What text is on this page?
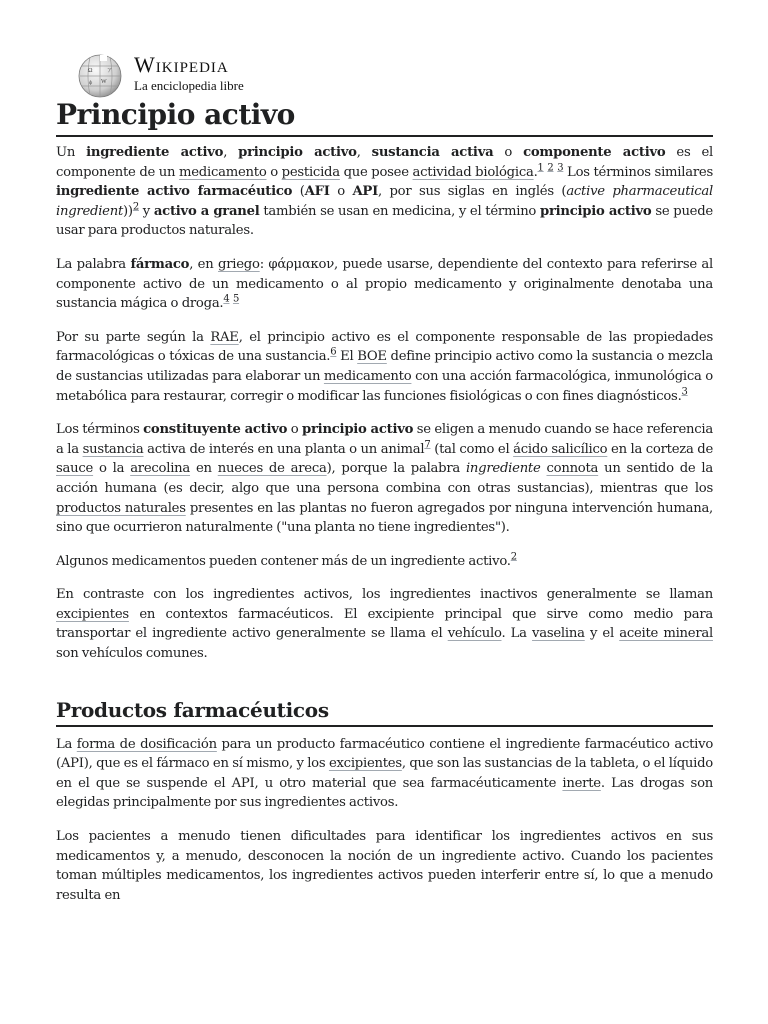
Ω
W
ф
ア Wikipedia
La enciclopedia libre
Principio activo

Un ingrediente activo, principio activo, sustancia activa o componente activo es el componente de un medicamento o pesticida que posee actividad biológica.$^1$ $^2$ $^3$ Los términos similares ingrediente activo farmacéutico (AFI o API, por sus siglas en inglés (active pharmaceutical ingredient))$^2$ y activo a granel también se usan en medicina, y el término principio activo se puede usar para productos naturales.

La palabra fármaco, en griego: φάρμακον, puede usarse, dependiente del contexto para referirse al componente activo de un medicamento o al propio medicamento y originalmente denotaba una sustancia mágica o droga.$^4$ $^5$

Por su parte según la RAE, el principio activo es el componente responsable de las propiedades farmacológicas o tóxicas de una sustancia.$^6$ El BOE define principio activo como la sustancia o mezcla de sustancias utilizadas para elaborar un medicamento con una acción farmacológica, inmunológica o metabólica para restaurar, corregir o modificar las funciones fisiológicas o con fines diagnósticos.$^3$

Los términos constituyente activo o principio activo se eligen a menudo cuando se hace referencia a la sustancia activa de interés en una planta o un animal$^7$ (tal como el ácido salicílico en la corteza de sauce o la arecolina en nueces de areca), porque la palabra ingrediente connota un sentido de la acción humana (es decir, algo que una persona combina con otras sustancias), mientras que los productos naturales presentes en las plantas no fueron agregados por ninguna intervención humana, sino que ocurrieron naturalmente ("una planta no tiene ingredientes").

Algunos medicamentos pueden contener más de un ingrediente activo.$^2$

En contraste con los ingredientes activos, los ingredientes inactivos generalmente se llaman excipientes en contextos farmacéuticos. El excipiente principal que sirve como medio para transportar el ingrediente activo generalmente se llama el vehículo. La vaselina y el aceite mineral son vehículos comunes.

Productos farmacéuticos

La forma de dosificación para un producto farmacéutico contiene el ingrediente farmacéutico activo (API), que es el fármaco en sí mismo, y los excipientes, que son las sustancias de la tableta, o el líquido en el que se suspende el API, u otro material que sea farmacéuticamente inerte. Las drogas son elegidas principalmente por sus ingredientes activos.

Los pacientes a menudo tienen dificultades para identificar los ingredientes activos en sus medicamentos y, a menudo, desconocen la noción de un ingrediente activo. Cuando los pacientes toman múltiples medicamentos, los ingredientes activos pueden interferir entre sí, lo que a menudo resulta en
